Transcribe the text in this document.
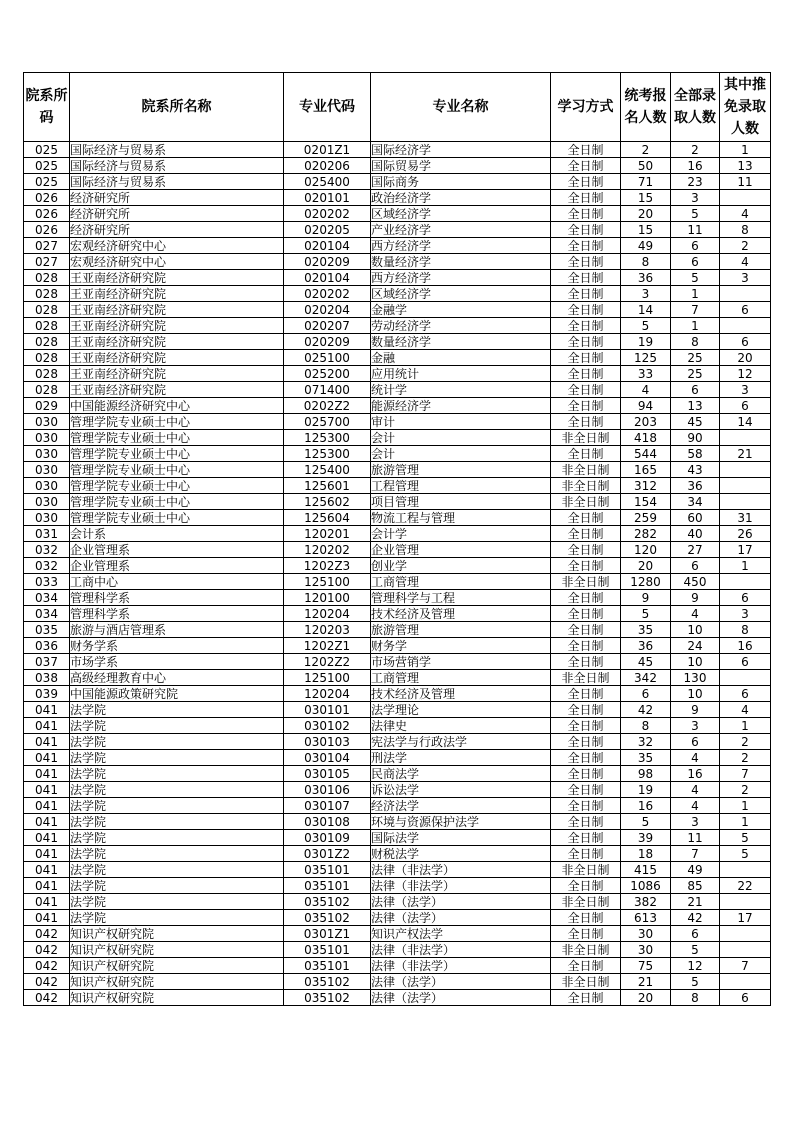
院系所码	院系所名称	专业代码	专业名称	学习方式	统考报名人数	全部录取人数	其中推免录取人数
025	国际经济与贸易系	0201Z1	国际经济学	全日制	2	2	1
025	国际经济与贸易系	020206	国际贸易学	全日制	50	16	13
025	国际经济与贸易系	025400	国际商务	全日制	71	23	11
026	经济研究所	020101	政治经济学	全日制	15	3	
026	经济研究所	020202	区域经济学	全日制	20	5	4
026	经济研究所	020205	产业经济学	全日制	15	11	8
027	宏观经济研究中心	020104	西方经济学	全日制	49	6	2
027	宏观经济研究中心	020209	数量经济学	全日制	8	6	4
028	王亚南经济研究院	020104	西方经济学	全日制	36	5	3
028	王亚南经济研究院	020202	区域经济学	全日制	3	1	
028	王亚南经济研究院	020204	金融学	全日制	14	7	6
028	王亚南经济研究院	020207	劳动经济学	全日制	5	1	
028	王亚南经济研究院	020209	数量经济学	全日制	19	8	6
028	王亚南经济研究院	025100	金融	全日制	125	25	20
028	王亚南经济研究院	025200	应用统计	全日制	33	25	12
028	王亚南经济研究院	071400	统计学	全日制	4	6	3
029	中国能源经济研究中心	0202Z2	能源经济学	全日制	94	13	6
030	管理学院专业硕士中心	025700	审计	全日制	203	45	14
030	管理学院专业硕士中心	125300	会计	非全日制	418	90	
030	管理学院专业硕士中心	125300	会计	全日制	544	58	21
030	管理学院专业硕士中心	125400	旅游管理	非全日制	165	43	
030	管理学院专业硕士中心	125601	工程管理	非全日制	312	36	
030	管理学院专业硕士中心	125602	项目管理	非全日制	154	34	
030	管理学院专业硕士中心	125604	物流工程与管理	全日制	259	60	31
031	会计系	120201	会计学	全日制	282	40	26
032	企业管理系	120202	企业管理	全日制	120	27	17
032	企业管理系	1202Z3	创业学	全日制	20	6	1
033	工商中心	125100	工商管理	非全日制	1280	450	
034	管理科学系	120100	管理科学与工程	全日制	9	9	6
034	管理科学系	120204	技术经济及管理	全日制	5	4	3
035	旅游与酒店管理系	120203	旅游管理	全日制	35	10	8
036	财务学系	1202Z1	财务学	全日制	36	24	16
037	市场学系	1202Z2	市场营销学	全日制	45	10	6
038	高级经理教育中心	125100	工商管理	非全日制	342	130	
039	中国能源政策研究院	120204	技术经济及管理	全日制	6	10	6
041	法学院	030101	法学理论	全日制	42	9	4
041	法学院	030102	法律史	全日制	8	3	1
041	法学院	030103	宪法学与行政法学	全日制	32	6	2
041	法学院	030104	刑法学	全日制	35	4	2
041	法学院	030105	民商法学	全日制	98	16	7
041	法学院	030106	诉讼法学	全日制	19	4	2
041	法学院	030107	经济法学	全日制	16	4	1
041	法学院	030108	环境与资源保护法学	全日制	5	3	1
041	法学院	030109	国际法学	全日制	39	11	5
041	法学院	0301Z2	财税法学	全日制	18	7	5
041	法学院	035101	法律（非法学）	非全日制	415	49	
041	法学院	035101	法律（非法学）	全日制	1086	85	22
041	法学院	035102	法律（法学）	非全日制	382	21	
041	法学院	035102	法律（法学）	全日制	613	42	17
042	知识产权研究院	0301Z1	知识产权法学	全日制	30	6	
042	知识产权研究院	035101	法律（非法学）	非全日制	30	5	
042	知识产权研究院	035101	法律（非法学）	全日制	75	12	7
042	知识产权研究院	035102	法律（法学）	非全日制	21	5	
042	知识产权研究院	035102	法律（法学）	全日制	20	8	6
